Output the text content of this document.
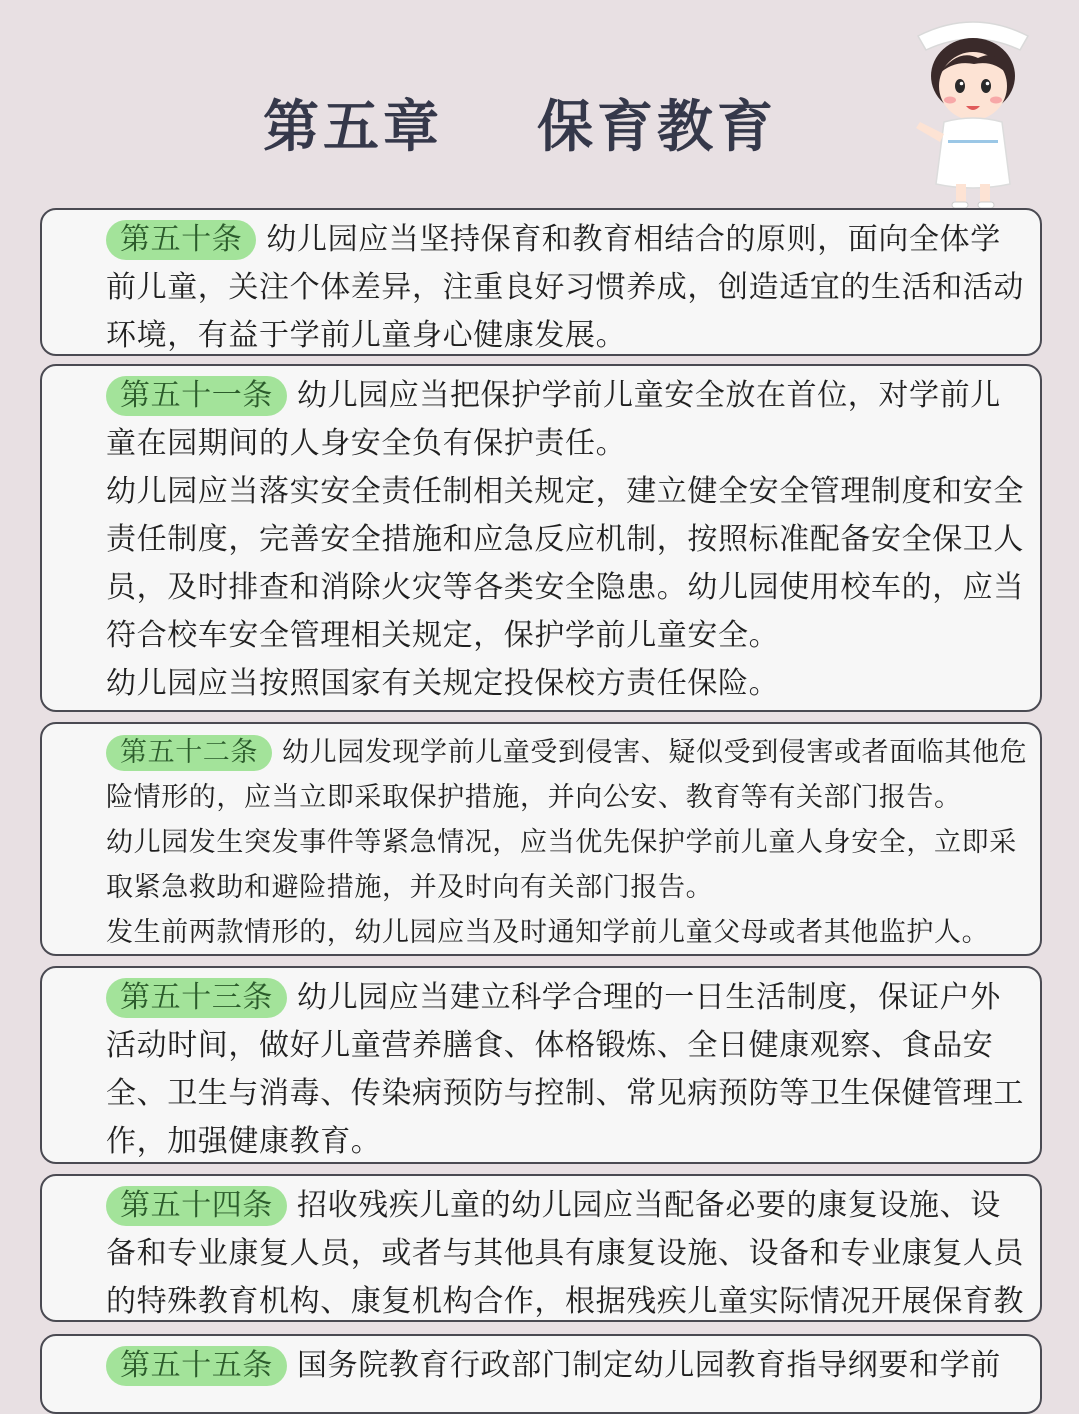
第五章    保育教育

第五十条 幼儿园应当坚持保育和教育相结合的原则，面向全体学前儿童，关注个体差异，注重良好习惯养成，创造适宜的生活和活动环境，有益于学前儿童身心健康发展。

第五十一条 幼儿园应当把保护学前儿童安全放在首位，对学前儿童在园期间的人身安全负有保护责任。

幼儿园应当落实安全责任制相关规定，建立健全安全管理制度和安全责任制度，完善安全措施和应急反应机制，按照标准配备安全保卫人员，及时排查和消除火灾等各类安全隐患。幼儿园使用校车的，应当符合校车安全管理相关规定，保护学前儿童安全。

幼儿园应当按照国家有关规定投保校方责任保险。

第五十二条 幼儿园发现学前儿童受到侵害、疑似受到侵害或者面临其他危险情形的，应当立即采取保护措施，并向公安、教育等有关部门报告。

幼儿园发生突发事件等紧急情况，应当优先保护学前儿童人身安全，立即采取紧急救助和避险措施，并及时向有关部门报告。

发生前两款情形的，幼儿园应当及时通知学前儿童父母或者其他监护人。

第五十三条 幼儿园应当建立科学合理的一日生活制度，保证户外活动时间，做好儿童营养膳食、体格锻炼、全日健康观察、食品安全、卫生与消毒、传染病预防与控制、常见病预防等卫生保健管理工作，加强健康教育。

第五十四条 招收残疾儿童的幼儿园应当配备必要的康复设施、设备和专业康复人员，或者与其他具有康复设施、设备和专业康复人员的特殊教育机构、康复机构合作，根据残疾儿童实际情况开展保育教

第五十五条 国务院教育行政部门制定幼儿园教育指导纲要和学前
